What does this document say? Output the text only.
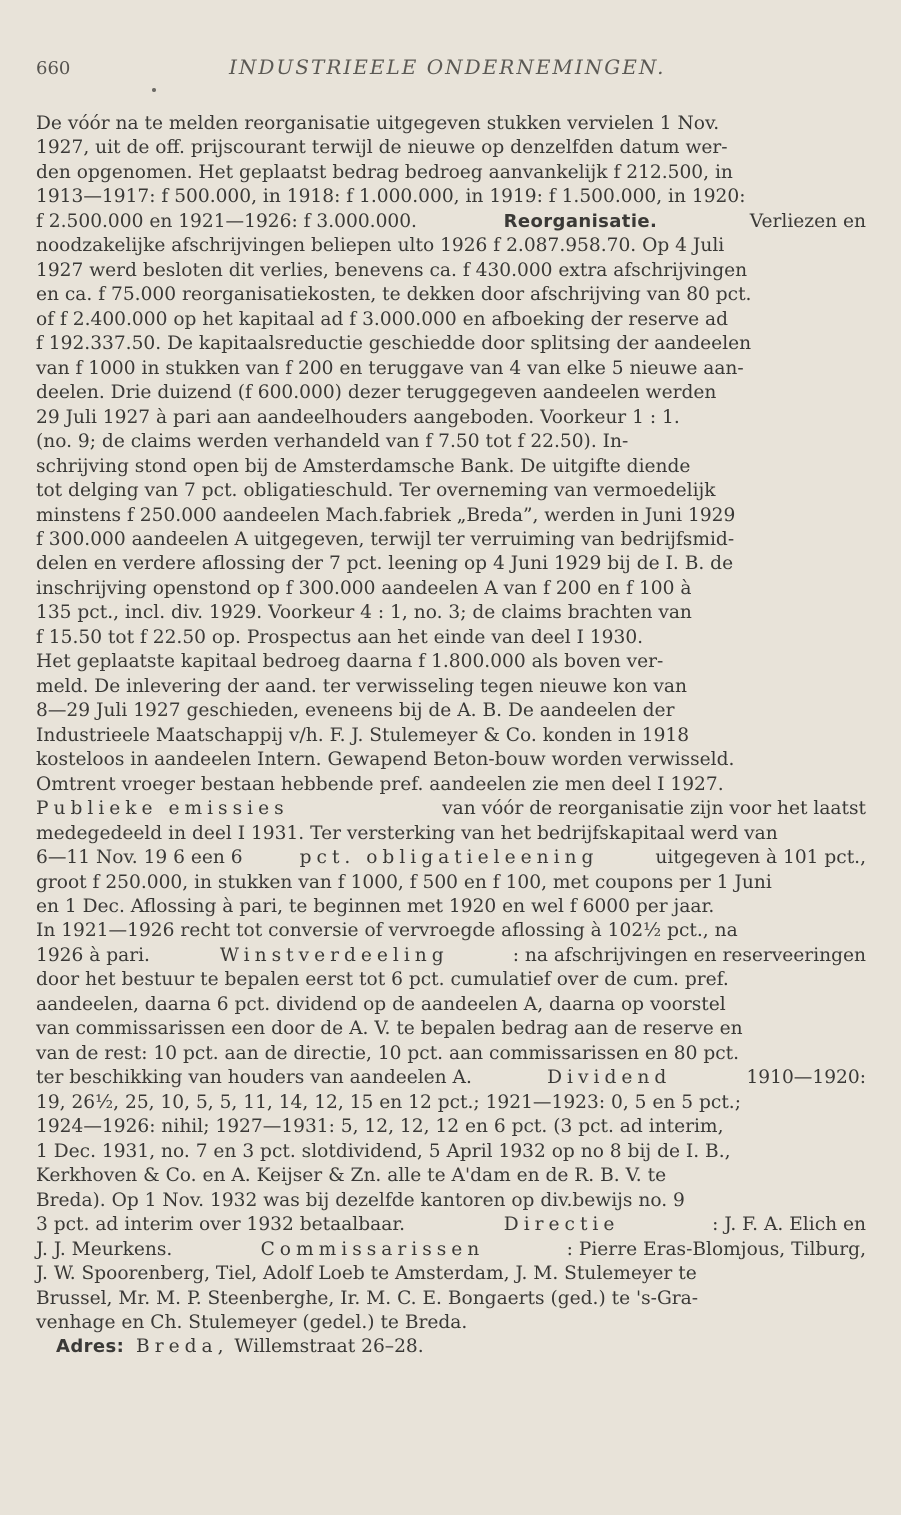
660	INDUSTRIEELE ONDERNEMINGEN.
De vóór na te melden reorganisatie uitgegeven stukken vervielen 1 Nov.
1927, uit de off. prijscourant terwijl de nieuwe op denzelfden datum wer-
den opgenomen. Het geplaatst bedrag bedroeg aanvankelijk f 212.500, in
1913—1917: f 500.000, in 1918: f 1.000.000, in 1919: f 1.500.000, in 1920:
f 2.500.000 en 1921—1926: f 3.000.000.	Reorganisatie.	Verliezen en
noodzakelijke afschrijvingen beliepen ulto 1926 f 2.087.958.70. Op 4 Juli
1927 werd besloten dit verlies, benevens ca. f 430.000 extra afschrijvingen
en ca. f 75.000 reorganisatiekosten, te dekken door afschrijving van 80 pct.
of f 2.400.000 op het kapitaal ad f 3.000.000 en afboeking der reserve ad
f 192.337.50. De kapitaalsreductie geschiedde door splitsing der aandeelen
van f 1000 in stukken van f 200 en teruggave van 4 van elke 5 nieuwe aan-
deelen. Drie duizend (f 600.000) dezer teruggegeven aandeelen werden
29 Juli 1927 à pari aan aandeelhouders aangeboden. Voorkeur 1 : 1.
(no. 9; de claims werden verhandeld van f 7.50 tot f 22.50). In-
schrijving stond open bij de Amsterdamsche Bank. De uitgifte diende
tot delging van 7 pct. obligatieschuld. Ter overneming van vermoedelijk
minstens f 250.000 aandeelen Mach.fabriek „Breda”, werden in Juni 1929
f 300.000 aandeelen A uitgegeven, terwijl ter verruiming van bedrijfsmid-
delen en verdere aflossing der 7 pct. leening op 4 Juni 1929 bij de I. B. de
inschrijving openstond op f 300.000 aandeelen A van f 200 en f 100 à
135 pct., incl. div. 1929. Voorkeur 4 : 1, no. 3; de claims brachten van
f 15.50 tot f 22.50 op. Prospectus aan het einde van deel I 1930.
Het geplaatste kapitaal bedroeg daarna f 1.800.000 als boven ver-
meld. De inlevering der aand. ter verwisseling tegen nieuwe kon van
8—29 Juli 1927 geschieden, eveneens bij de A. B. De aandeelen der
Industrieele Maatschappij v/h. F. J. Stulemeyer & Co. konden in 1918
kosteloos in aandeelen Intern. Gewapend Beton-bouw worden verwisseld.
Omtrent vroeger bestaan hebbende pref. aandeelen zie men deel I 1927.
Publieke emissies	van vóór de reorganisatie zijn voor het laatst
medegedeeld in deel I 1931. Ter versterking van het bedrijfskapitaal werd van
6—11 Nov. 19 6 een 6	pct. obligatieleening	uitgegeven à 101 pct.,
groot f 250.000, in stukken van f 1000, f 500 en f 100, met coupons per 1 Juni
en 1 Dec. Aflossing à pari, te beginnen met 1920 en wel f 6000 per jaar.
In 1921—1926 recht tot conversie of vervroegde aflossing à 102½ pct., na
1926 à pari.	Winstverdeeling	: na afschrijvingen en reserveeringen
door het bestuur te bepalen eerst tot 6 pct. cumulatief over de cum. pref.
aandeelen, daarna 6 pct. dividend op de aandeelen A, daarna op voorstel
van commissarissen een door de A. V. te bepalen bedrag aan de reserve en
van de rest: 10 pct. aan de directie, 10 pct. aan commissarissen en 80 pct.
ter beschikking van houders van aandeelen A.	Dividend	1910—1920:
19, 26½, 25, 10, 5, 5, 11, 14, 12, 15 en 12 pct.; 1921—1923: 0, 5 en 5 pct.;
1924—1926: nihil; 1927—1931: 5, 12, 12, 12 en 6 pct. (3 pct. ad interim,
1 Dec. 1931, no. 7 en 3 pct. slotdividend, 5 April 1932 op no 8 bij de I. B.,
Kerkhoven & Co. en A. Keijser & Zn. alle te A'dam en de R. B. V. te
Breda). Op 1 Nov. 1932 was bij dezelfde kantoren op div.bewijs no. 9
3 pct. ad interim over 1932 betaalbaar.	Directie	: J. F. A. Elich en
J. J. Meurkens.	Commissarissen	: Pierre Eras-Blomjous, Tilburg,
J. W. Spoorenberg, Tiel, Adolf Loeb te Amsterdam, J. M. Stulemeyer te
Brussel, Mr. M. P. Steenberghe, Ir. M. C. E. Bongaerts (ged.) te 's-Gra-
venhage en Ch. Stulemeyer (gedel.) te Breda.
Adres:
Breda, Willemstraat 26–28.
